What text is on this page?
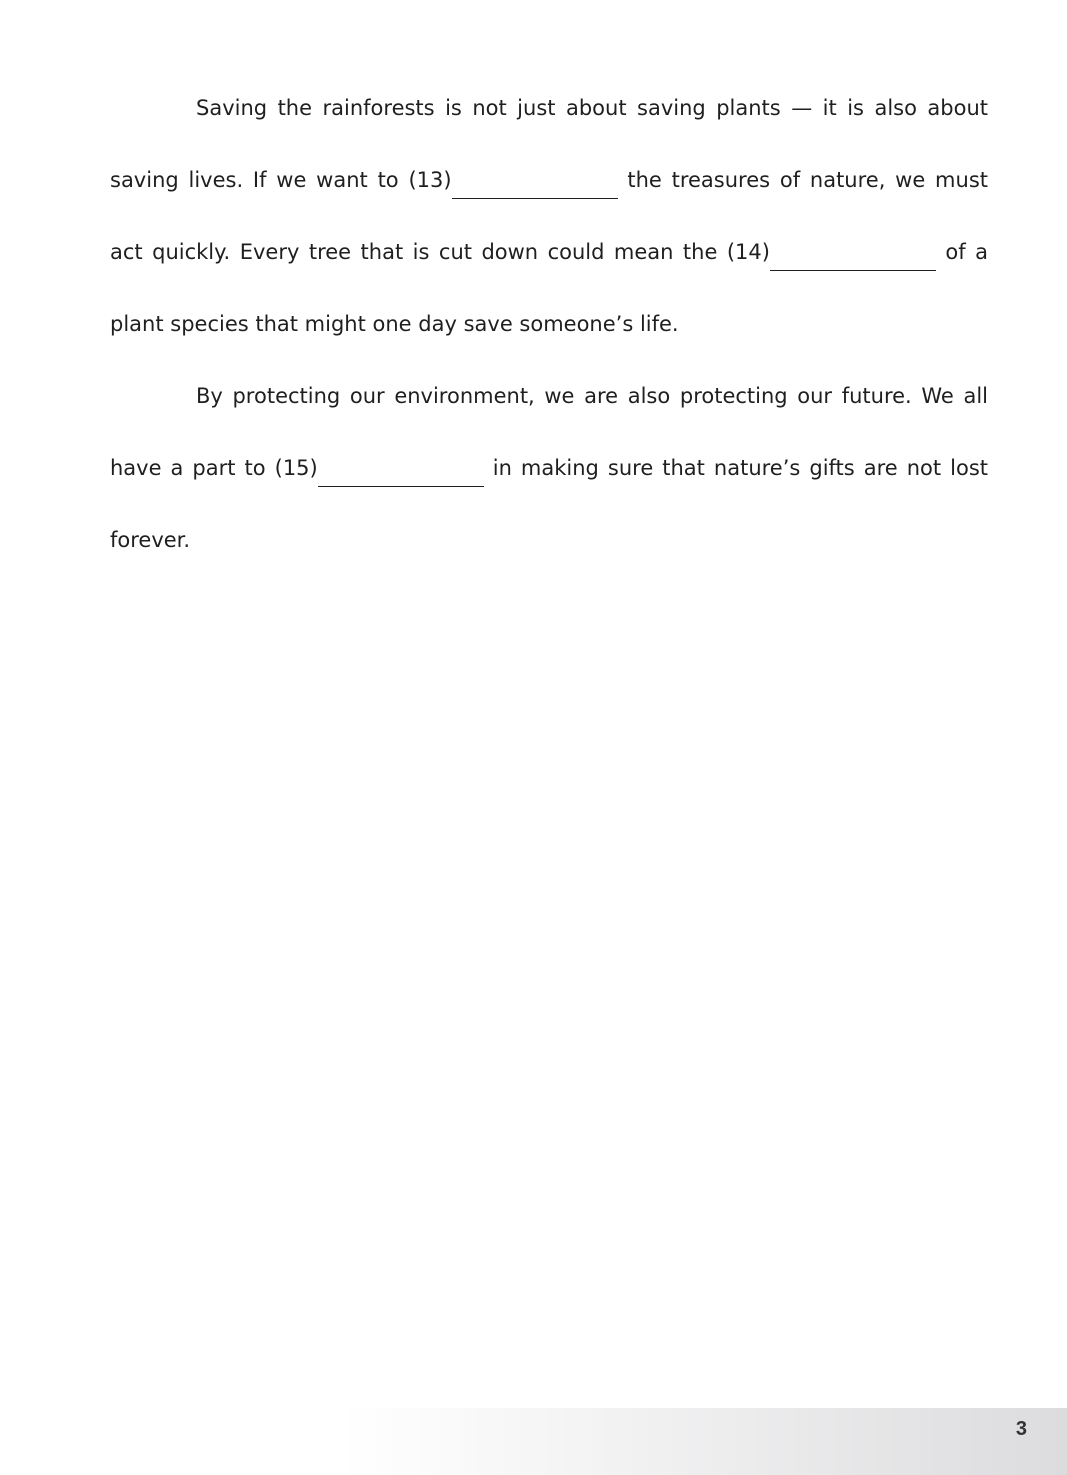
Saving the rainforests is not just about saving plants — it is also about saving lives. If we want to (13)	the treasures of nature, we must act quickly. Every tree that is cut down could mean the (14)	of a plant species that might one day save someone’s life.

By protecting our environment, we are also protecting our future. We all have a part to (15)	in making sure that nature’s gifts are not lost forever.

3
